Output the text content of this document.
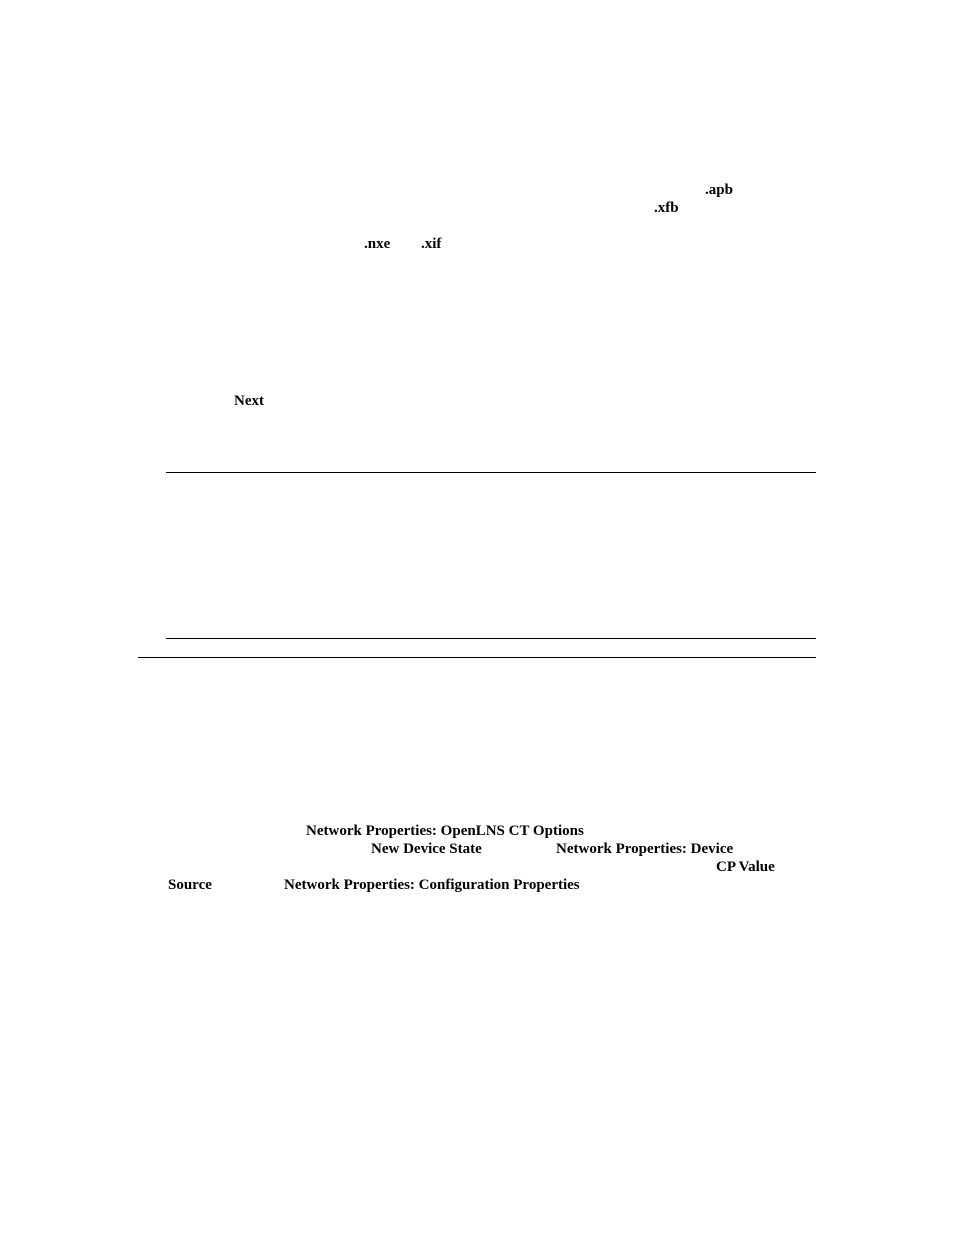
.apb
.xfb
.nxe .xif
Next
Network Properties: OpenLNS CT Options
New Device State	Network Properties: Device
CP Value
Source	Network Properties: Configuration Properties
